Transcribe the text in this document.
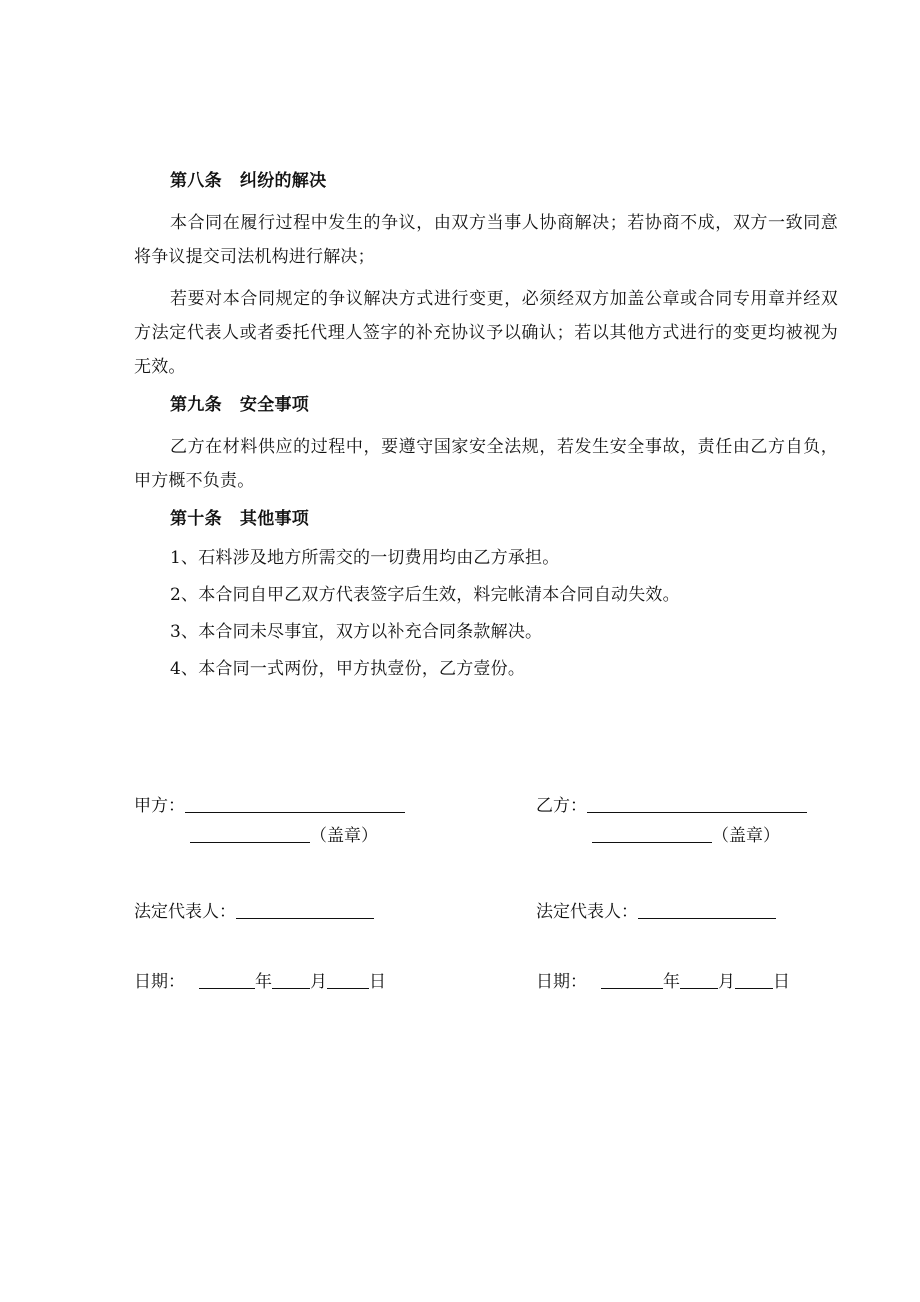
第八条 纠纷的解决

本合同在履行过程中发生的争议，由双方当事人协商解决；若协商不成，双方一致同意将争议提交司法机构进行解决；

若要对本合同规定的争议解决方式进行变更，必须经双方加盖公章或合同专用章并经双方法定代表人或者委托代理人签字的补充协议予以确认；若以其他方式进行的变更均被视为无效。

第九条 安全事项

乙方在材料供应的过程中，要遵守国家安全法规，若发生安全事故，责任由乙方自负，甲方概不负责。

第十条 其他事项
1、石料涉及地方所需交的一切费用均由乙方承担。
2、本合同自甲乙双方代表签字后生效，料完帐清本合同自动失效。
3、本合同未尽事宜，双方以补充合同条款解决。
4、本合同一式两份，甲方执壹份，乙方壹份。
甲方：	乙方：
（盖章）	（盖章）
法定代表人：	法定代表人：
日期：	年 月 日	日期：	年 月 日
